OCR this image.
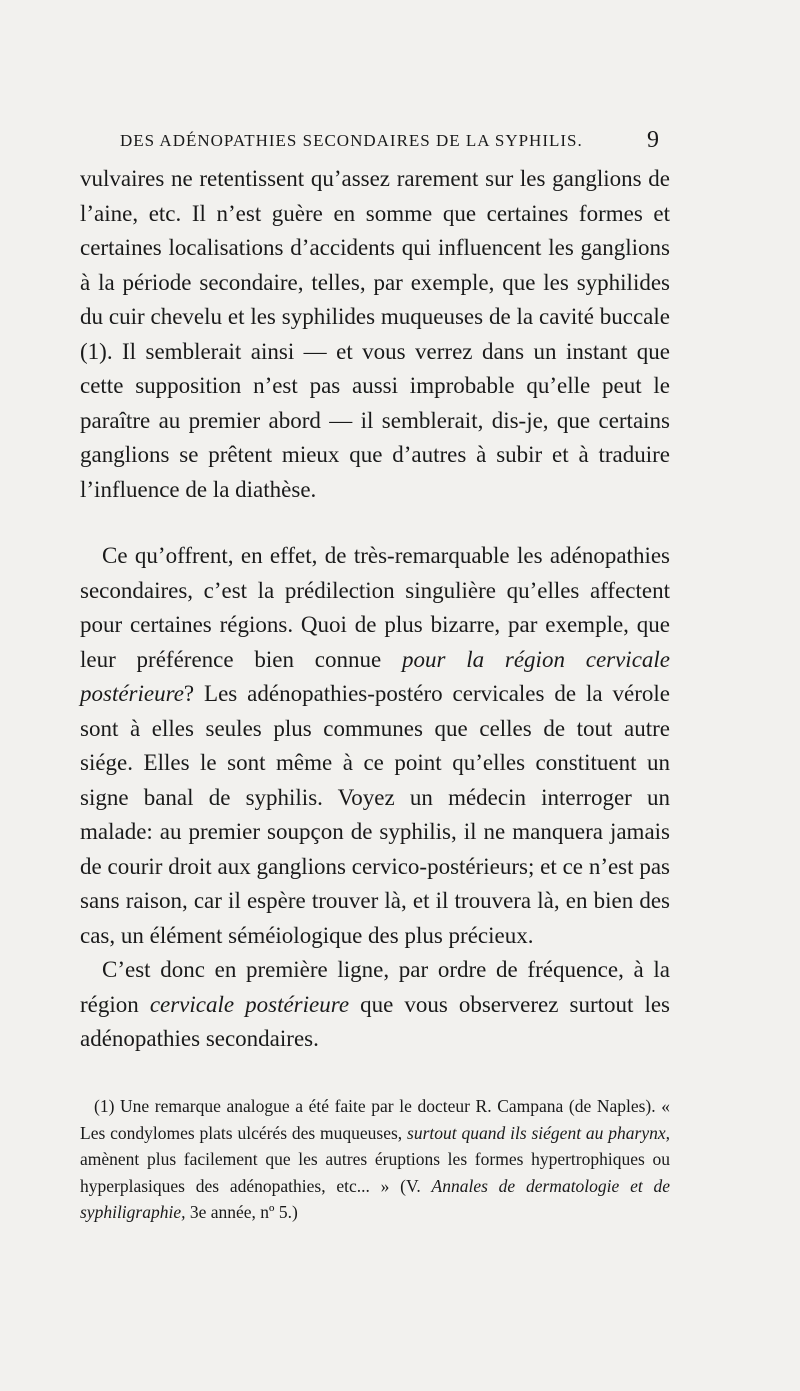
DES ADÉNOPATHIES SECONDAIRES DE LA SYPHILIS.	9

vulvaires ne retentissent qu’assez rarement sur les ganglions de l’aine, etc. Il n’est guère en somme que certaines formes et certaines localisations d’accidents qui influencent les ganglions à la période secondaire, telles, par exemple, que les syphilides du cuir chevelu et les syphilides muqueuses de la cavité buccale (1). Il semblerait ainsi — et vous verrez dans un instant que cette supposition n’est pas aussi improbable qu’elle peut le paraître au premier abord — il semblerait, dis-je, que certains ganglions se prêtent mieux que d’autres à subir et à traduire l’influence de la diathèse.

Ce qu’offrent, en effet, de très-remarquable les adénopathies secondaires, c’est la prédilection singulière qu’elles affectent pour certaines régions. Quoi de plus bizarre, par exemple, que leur préférence bien connue pour la région cervicale postérieure? Les adénopathies-postéro cervicales de la vérole sont à elles seules plus communes que celles de tout autre siége. Elles le sont même à ce point qu’elles constituent un signe banal de syphilis. Voyez un médecin interroger un malade: au premier soupçon de syphilis, il ne manquera jamais de courir droit aux ganglions cervico-postérieurs; et ce n’est pas sans raison, car il espère trouver là, et il trouvera là, en bien des cas, un élément séméiologique des plus précieux.

C’est donc en première ligne, par ordre de fréquence, à la région cervicale postérieure que vous observerez surtout les adénopathies secondaires.

(1) Une remarque analogue a été faite par le docteur R. Campana (de Naples). « Les condylomes plats ulcérés des muqueuses, surtout quand ils siégent au pharynx, amènent plus facilement que les autres éruptions les formes hypertrophiques ou hyperplasiques des adénopathies, etc... » (V. Annales de dermatologie et de syphiligraphie, 3e année, nº 5.)
